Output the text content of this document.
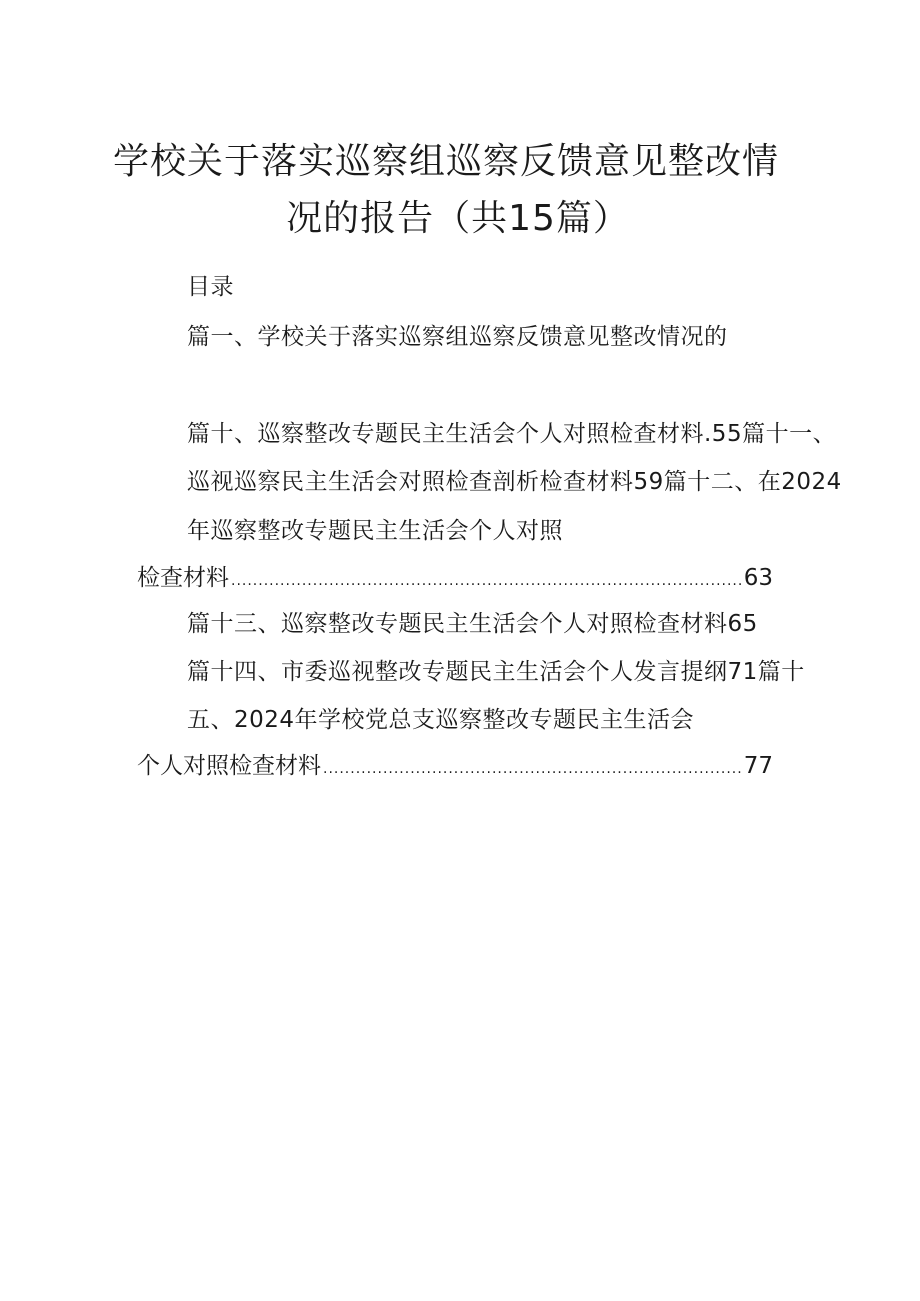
学校关于落实巡察组巡察反馈意见整改情
况的报告（共15篇）
目录
篇一、学校关于落实巡察组巡察反馈意见整改情况的
篇十、巡察整改专题民主生活会个人对照检查材料.55篇十一、
巡视巡察民主生活会对照检查剖析检查材料59篇十二、在2024
年巡察整改专题民主生活会个人对照
检查材料 .....	63
篇十三、巡察整改专题民主生活会个人对照检查材料65
篇十四、市委巡视整改专题民主生活会个人发言提纲71篇十
五、2024年学校党总支巡察整改专题民主生活会
个人对照检查材料 .....	77
